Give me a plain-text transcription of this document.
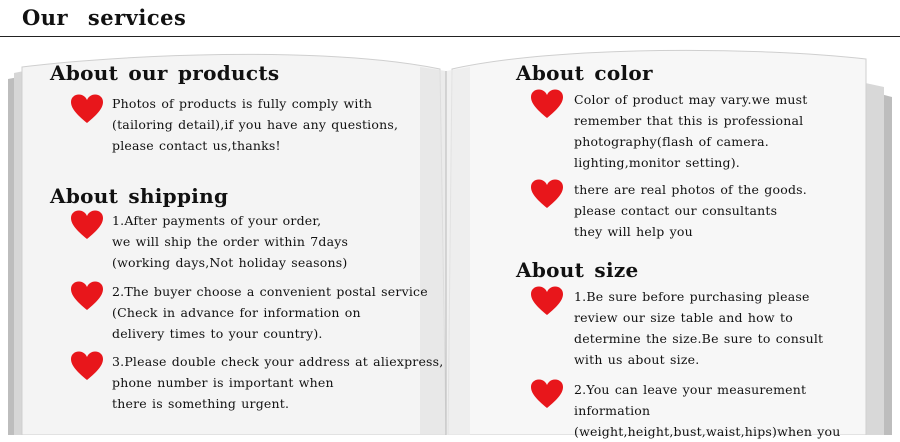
Our services
About our products
Photos of products is fully comply with
(tailoring detail),if you have any questions,
please contact us,thanks!
About shipping
1.After payments of your order,
we will ship the order within 7days
(working days,Not holiday seasons)
2.The buyer choose a convenient postal service
(Check in advance for information on
delivery times to your country).
3.Please double check your address at aliexpress,
phone number is important when
there is something urgent.
About color
Color of product may vary.we must
remember that this is professional
photography(flash of camera.
lighting,monitor setting).
there are real photos of the goods.
please contact our consultants
they will help you
About size
1.Be sure before purchasing please
review our size table and how to
determine the size.Be sure to consult
with us about size.
2.You can leave your measurement
information
(weight,height,bust,waist,hips)when you
